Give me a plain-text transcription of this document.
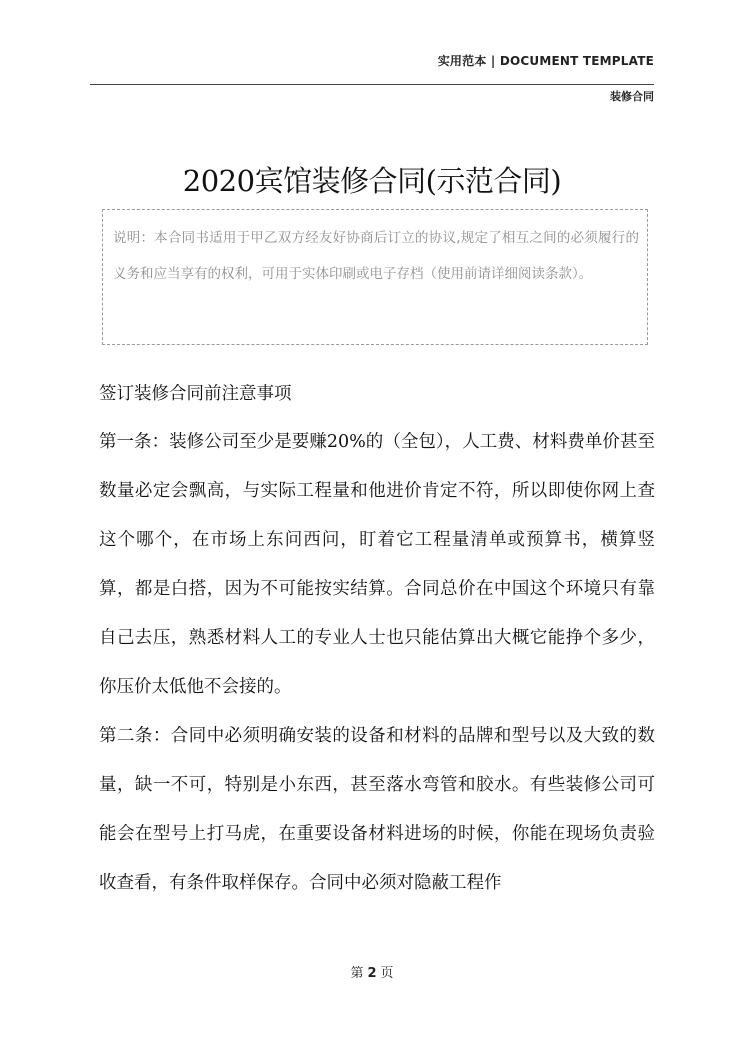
实用范本 | DOCUMENT TEMPLATE
装修合同
2020宾馆装修合同(示范合同)

说明：本合同书适用于甲乙双方经友好协商后订立的协议,规定了相互之间的必须履行的义务和应当享有的权利，可用于实体印刷或电子存档（使用前请详细阅读条款）。

签订装修合同前注意事项

第一条：装修公司至少是要赚20%的（全包），人工费、材料费单价甚至数量必定会飘高，与实际工程量和他进价肯定不符，所以即使你网上查这个哪个，在市场上东问西问，盯着它工程量清单或预算书，横算竖算，都是白搭，因为不可能按实结算。合同总价在中国这个环境只有靠自己去压，熟悉材料人工的专业人士也只能估算出大概它能挣个多少，你压价太低他不会接的。

第二条：合同中必须明确安装的设备和材料的品牌和型号以及大致的数量，缺一不可，特别是小东西，甚至落水弯管和胶水。有些装修公司可能会在型号上打马虎，在重要设备材料进场的时候，你能在现场负责验收查看，有条件取样保存。合同中必须对隐蔽工程作

第 2 页
